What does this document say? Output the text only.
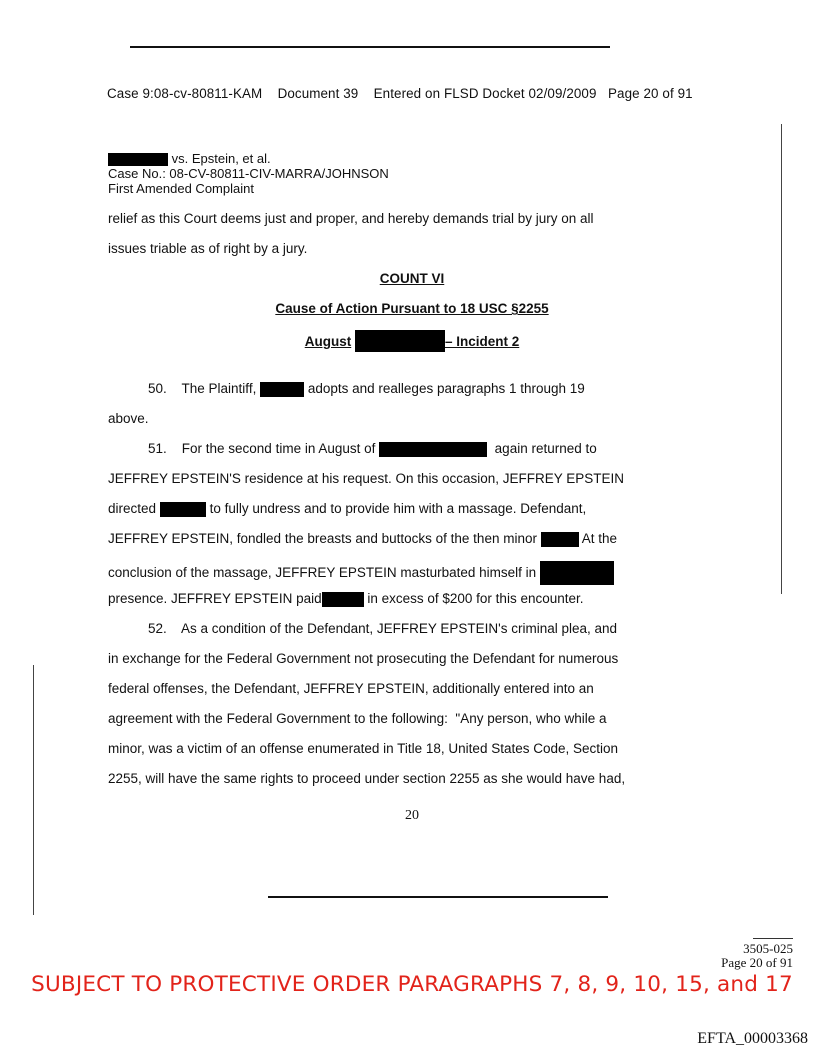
Case 9:08-cv-80811-KAM Document 39 Entered on FLSD Docket 02/09/2009 Page 20 of 91
vs. Epstein, et al.
Case No.: 08-CV-80811-CIV-MARRA/JOHNSON
First Amended Complaint
relief as this Court deems just and proper, and hereby demands trial by jury on all
issues triable as of right by a jury.
COUNT VI
Cause of Action Pursuant to 18 USC §2255
August	– Incident 2
50.    The Plaintiff,	adopts and realleges paragraphs 1 through 19
above.
51.    For the second time in August of	again returned to
JEFFREY EPSTEIN'S residence at his request. On this occasion, JEFFREY EPSTEIN
directed	to fully undress and to provide him with a massage. Defendant,
JEFFREY EPSTEIN, fondled the breasts and buttocks of the then minor	At the
conclusion of the massage, JEFFREY EPSTEIN masturbated himself in
presence. JEFFREY EPSTEIN paid	in excess of $200 for this encounter.
52.    As a condition of the Defendant, JEFFREY EPSTEIN's criminal plea, and
in exchange for the Federal Government not prosecuting the Defendant for numerous
federal offenses, the Defendant, JEFFREY EPSTEIN, additionally entered into an
agreement with the Federal Government to the following:  "Any person, who while a
minor, was a victim of an offense enumerated in Title 18, United States Code, Section
2255, will have the same rights to proceed under section 2255 as she would have had,
20
3505-025
Page 20 of 91
SUBJECT TO PROTECTIVE ORDER PARAGRAPHS 7, 8, 9, 10, 15, and 17
EFTA_00003368
